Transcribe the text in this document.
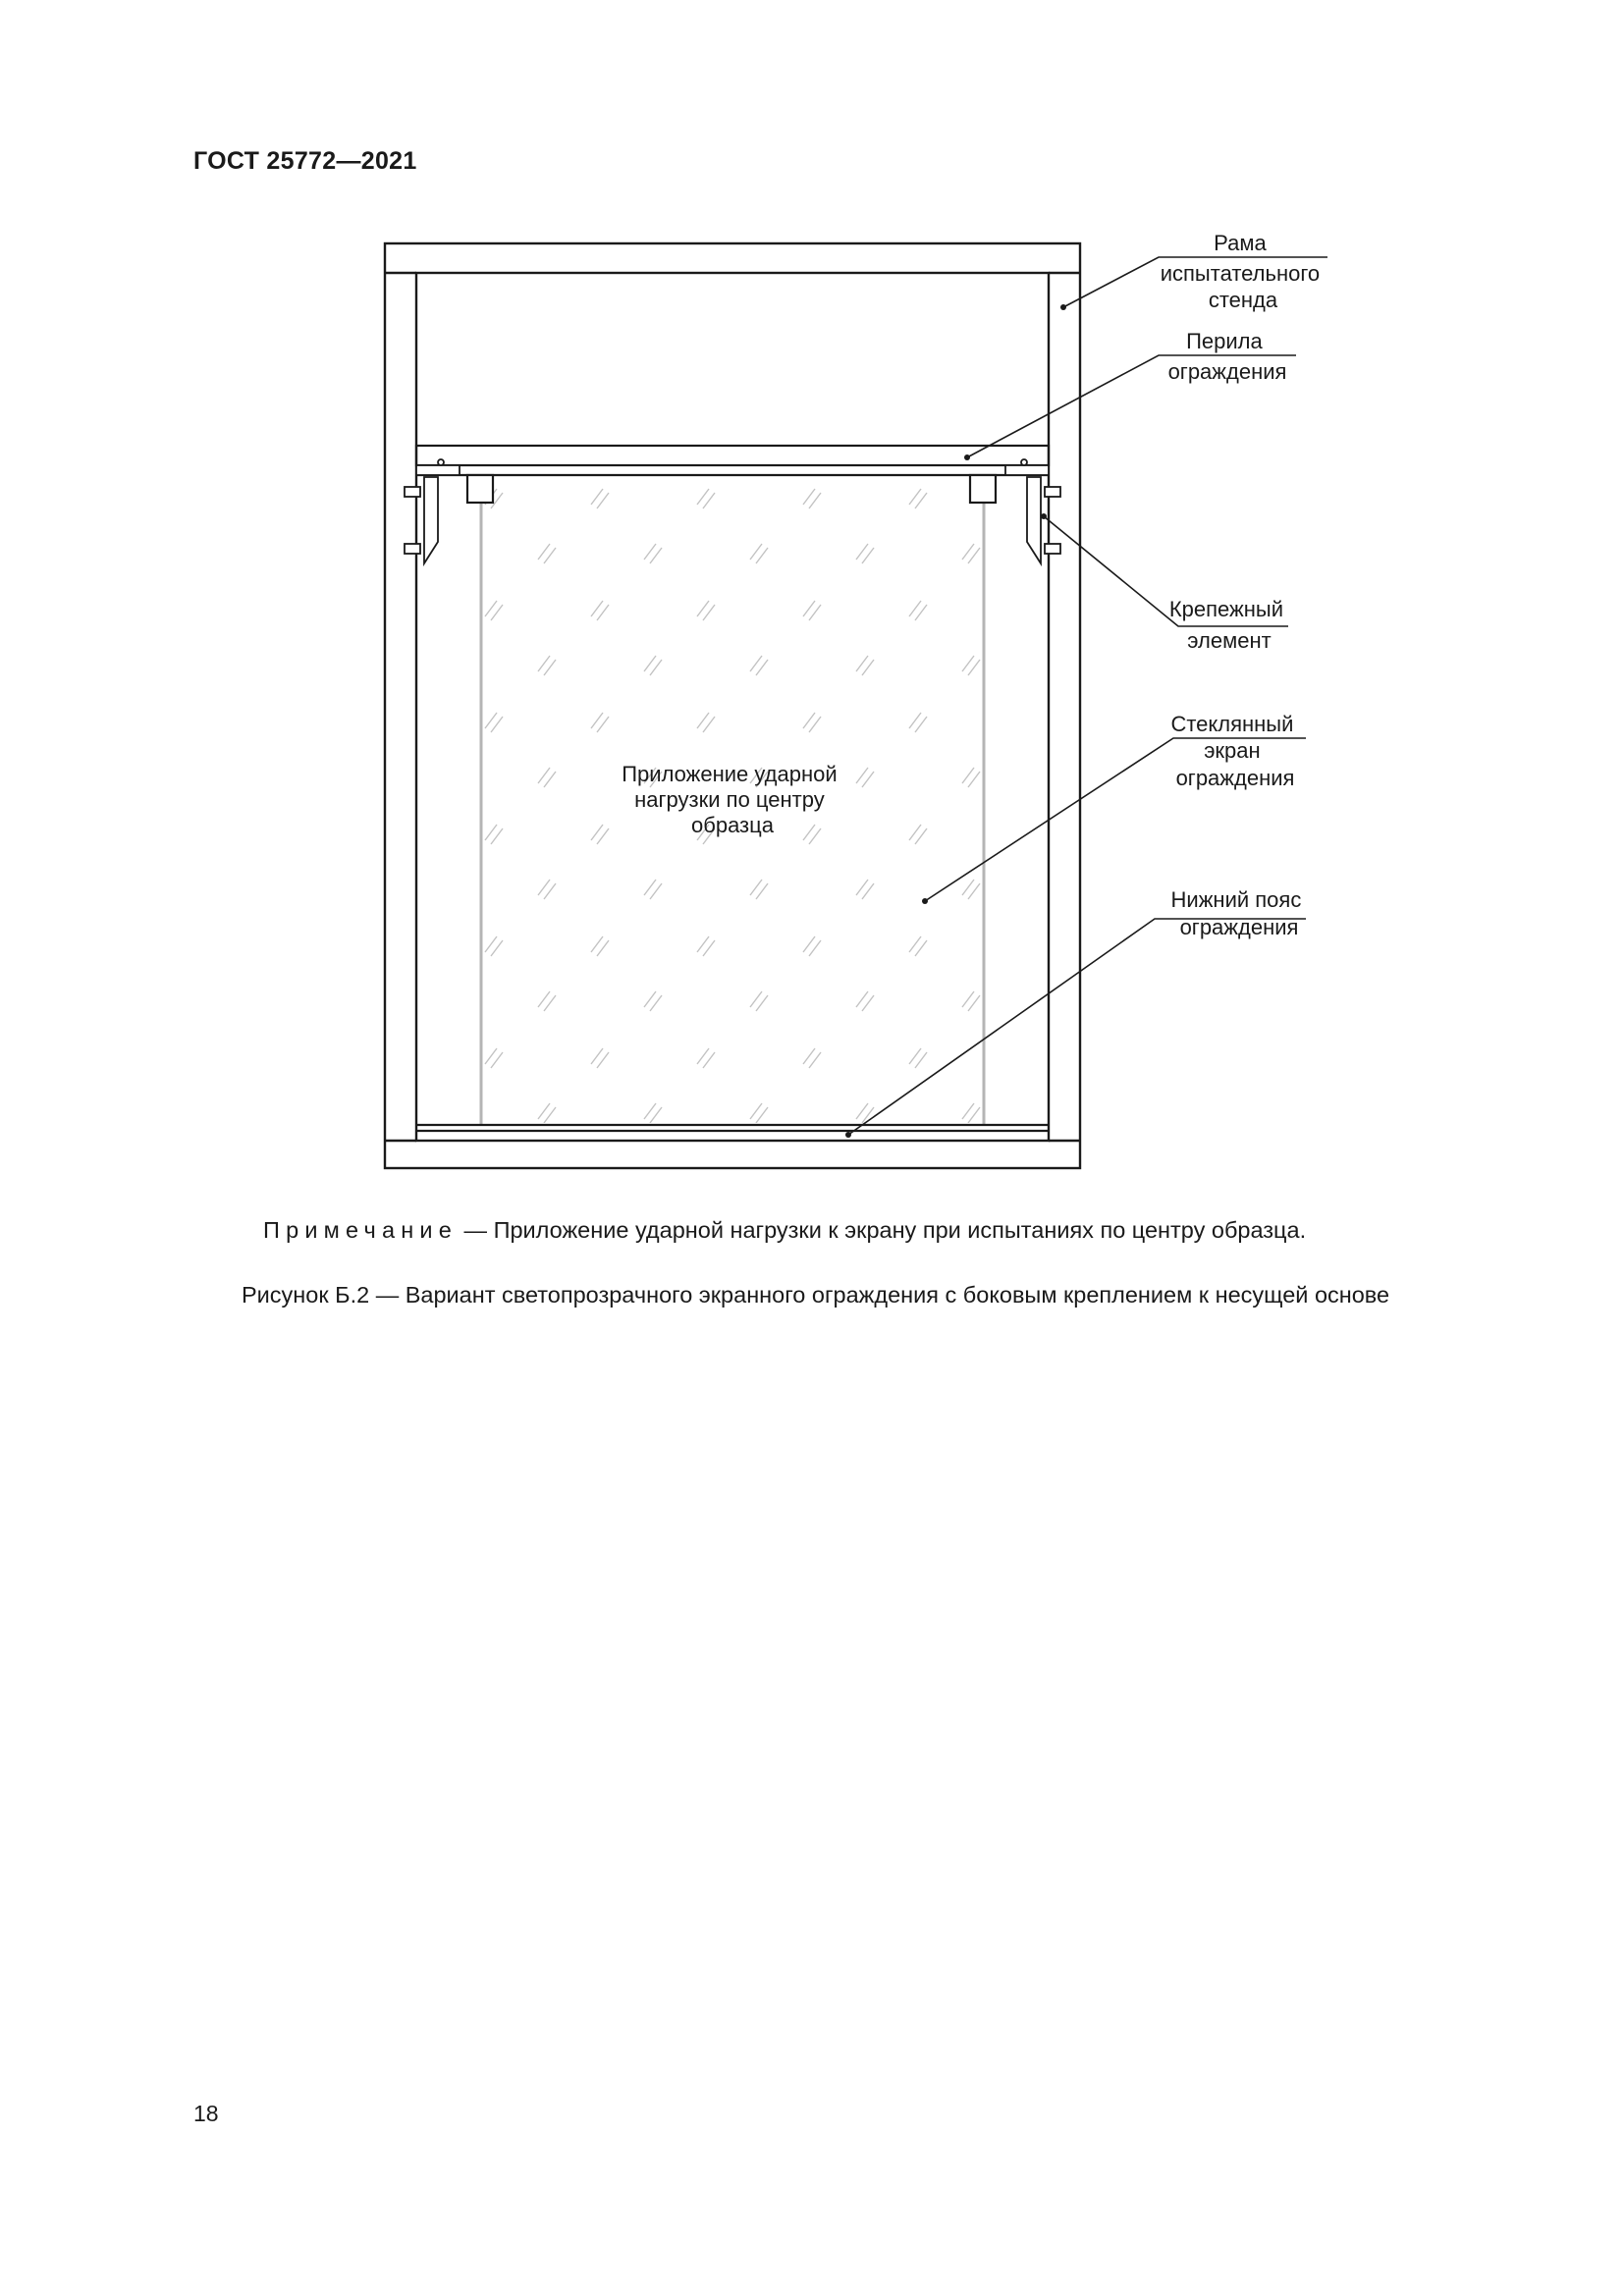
ГОСТ 25772—2021
Приложение ударной нагрузки по центру образца
Рама испытательного стенда
Перила ограждения
Крепежный элемент
Стеклянный экран ограждения
Нижний пояс ограждения
Примечание — Приложение ударной нагрузки к экрану при испытаниях по центру образца.
Рисунок Б.2 — Вариант светопрозрачного экранного ограждения с боковым креплением к несущей основе
18
